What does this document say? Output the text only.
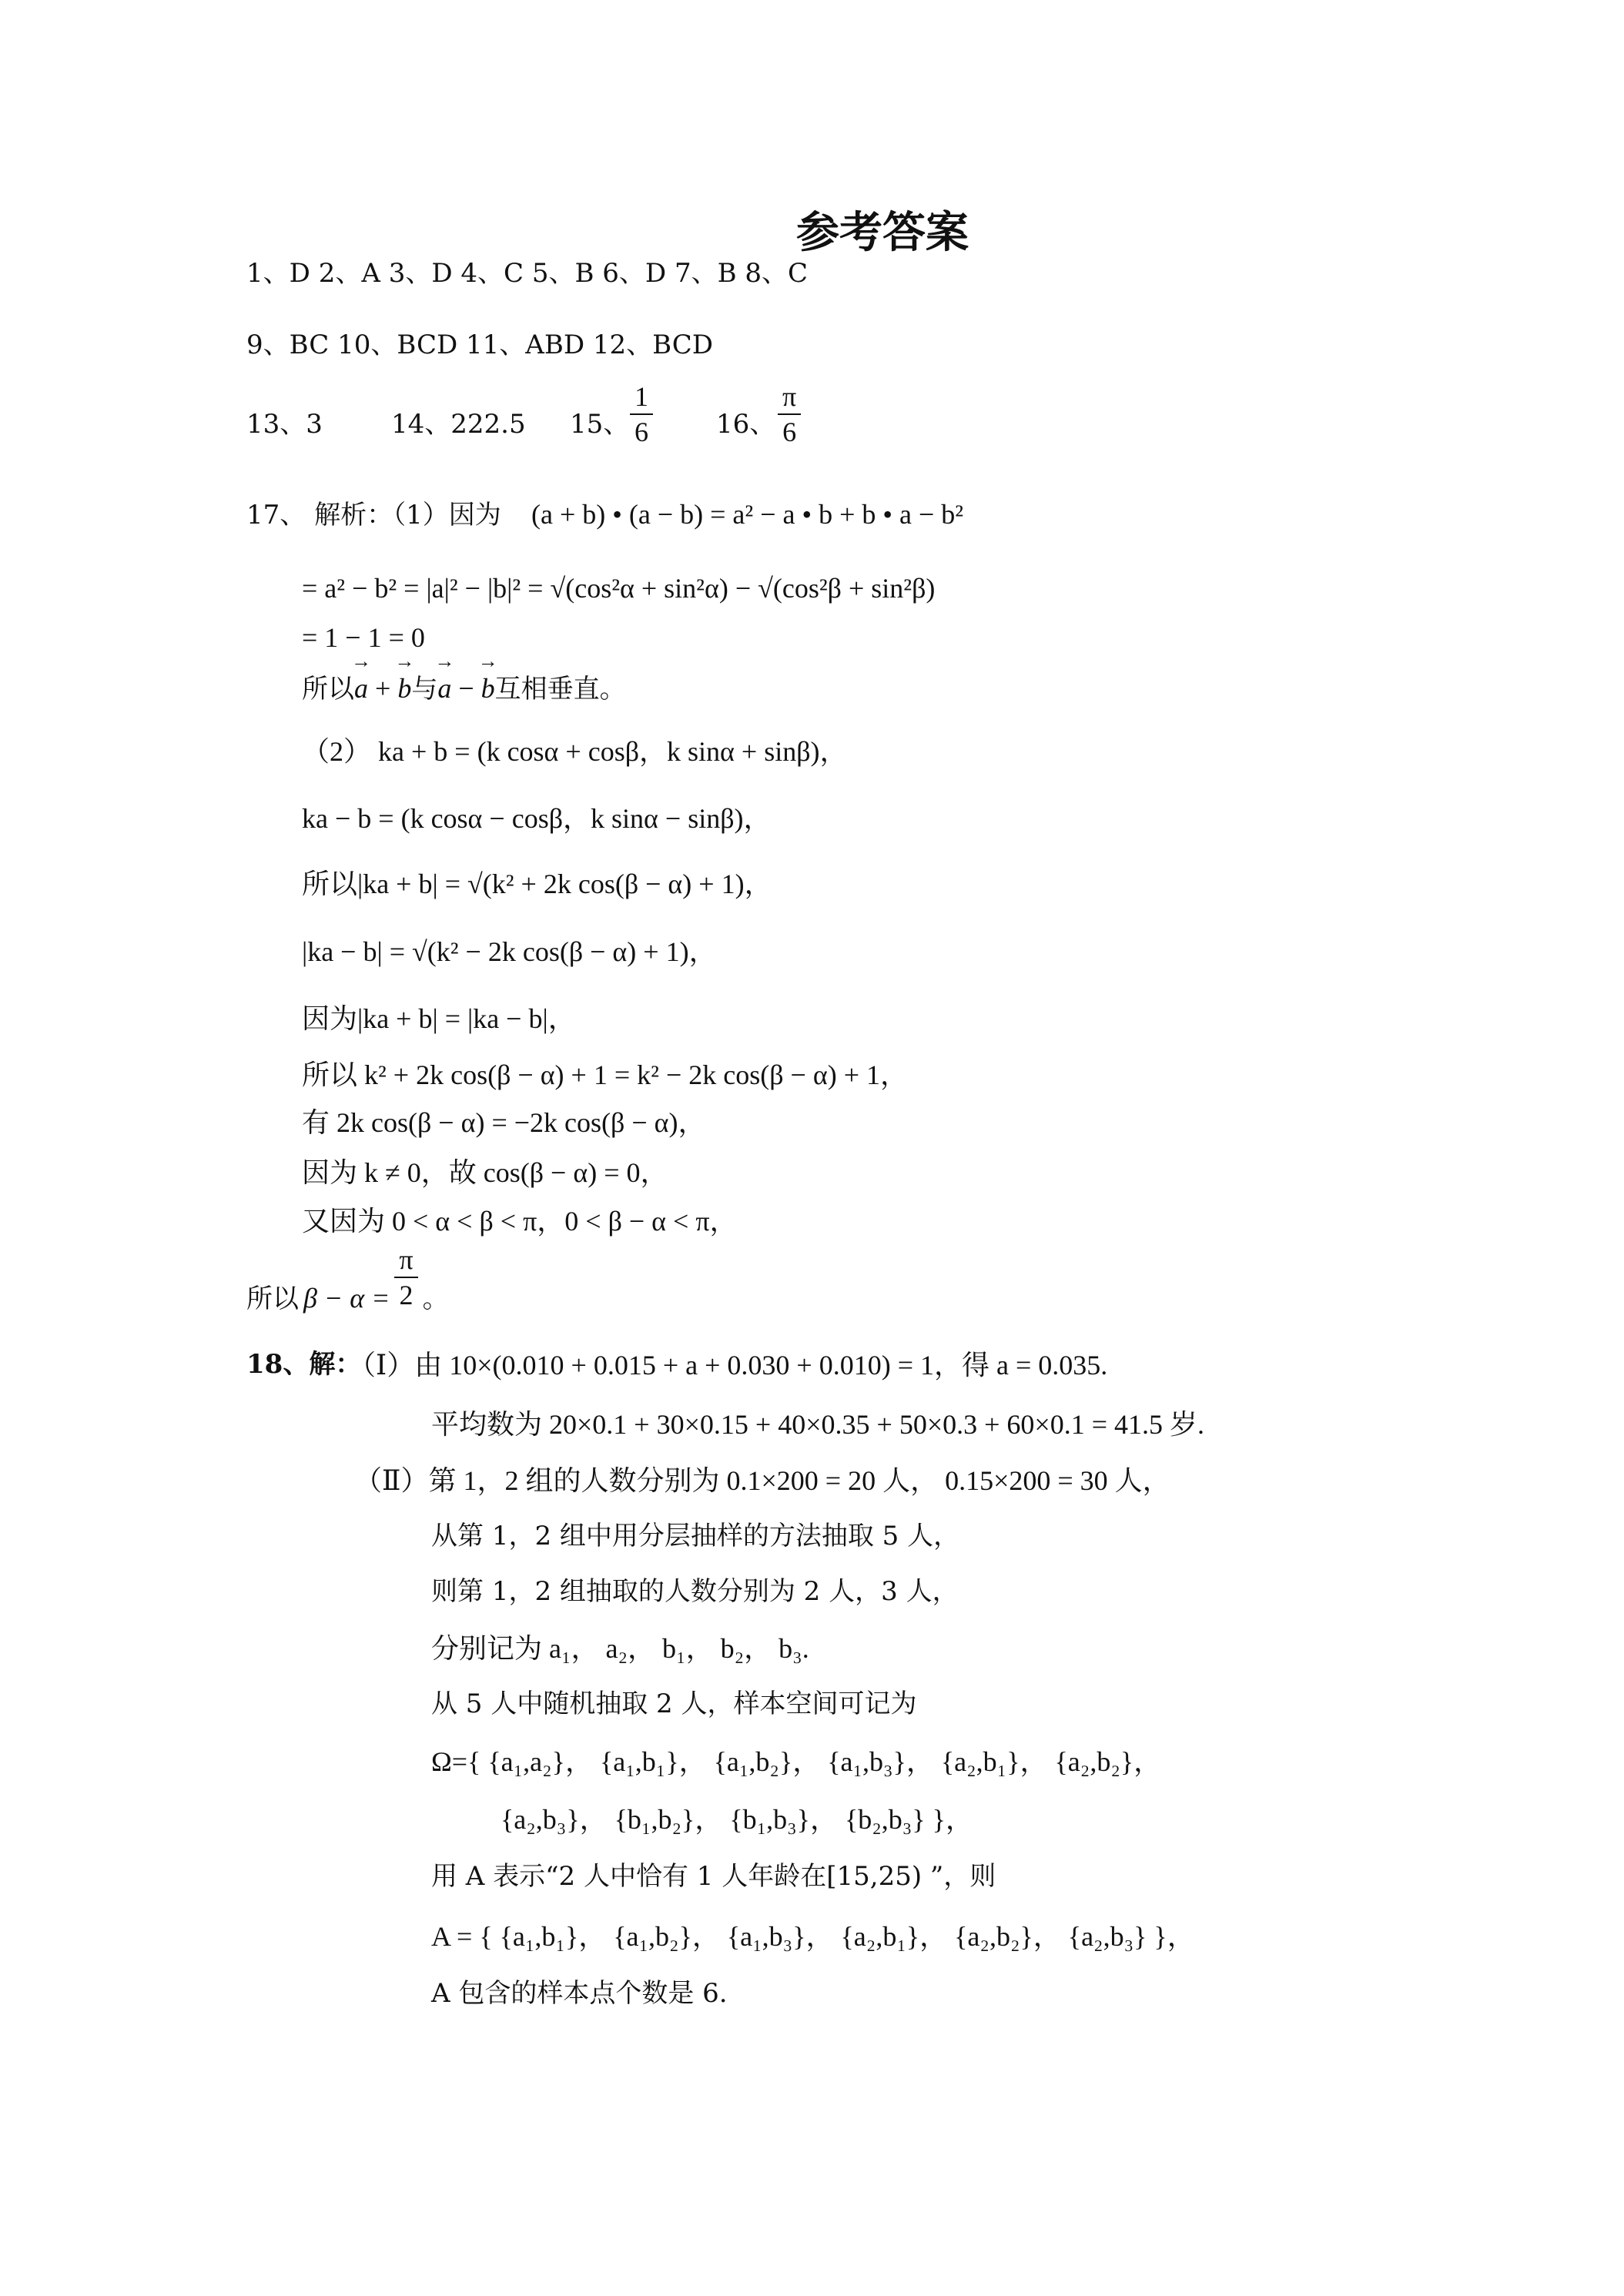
参考答案
1、D 2、A 3、D 4、C 5、B 6、D 7、B 8、C
9、BC 10、BCD 11、ABD 12、BCD
13、3	14、222.5 15、 $\frac{1}{6} 16$、 $\frac{\pi}{6}$
17、 解析：（1）因为 (a + b) • (a − b) = a² − a • b + b • a − b²
= a² − b² = |a|² − |b|² = √(cos²α + sin²α) − √(cos²β + sin²β)
= 1 − 1 = 0
所以→ a + → b与→ a − → b互相垂直。
（2） ka + b = (k cosα + cosβ，k sinα + sinβ)，
ka − b = (k cosα − cosβ，k sinα − sinβ)，
所以|ka + b| = √(k² + 2k cos(β − α) + 1)，
|ka − b| = √(k² − 2k cos(β − α) + 1)，
因为|ka + b| = |ka − b|，
所以 k² + 2k cos(β − α) + 1 = k² − 2k cos(β − α) + 1，
有 2k cos(β − α) = −2k cos(β − α)，
因为 k ≠ 0，故 cos(β − α) = 0，
又因为 0 < α < β < π，0 < β − α < π，
所以 $\beta - \alpha = \frac{\pi}{2}$ 。
18、解：
（Ⅰ）由 10×(0.010 + 0.015 + a + 0.030 + 0.010) = 1，得 a = 0.035.
平均数为 20×0.1 + 30×0.15 + 40×0.35 + 50×0.3 + 60×0.1 = 41.5 岁.
（Ⅱ）第 1，2 组的人数分别为 0.1×200 = 20 人， 0.15×200 = 30 人，
从第 1，2 组中用分层抽样的方法抽取 5 人，
则第 1，2 组抽取的人数分别为 2 人，3 人，
分别记为 a₁， a₂， b₁， b₂， b₃.
从 5 人中随机抽取 2 人，样本空间可记为
Ω={ {a₁,a₂}， {a₁,b₁}， {a₁,b₂}， {a₁,b₃}， {a₂,b₁}， {a₂,b₂}，
{a₂,b₃}， {b₁,b₂}， {b₁,b₃}， {b₂,b₃} }，
用 A 表示“2 人中恰有 1 人年龄在[15,25) ”，则
A = { {a₁,b₁}， {a₁,b₂}， {a₁,b₃}， {a₂,b₁}， {a₂,b₂}， {a₂,b₃} }，
A 包含的样本点个数是 6.
